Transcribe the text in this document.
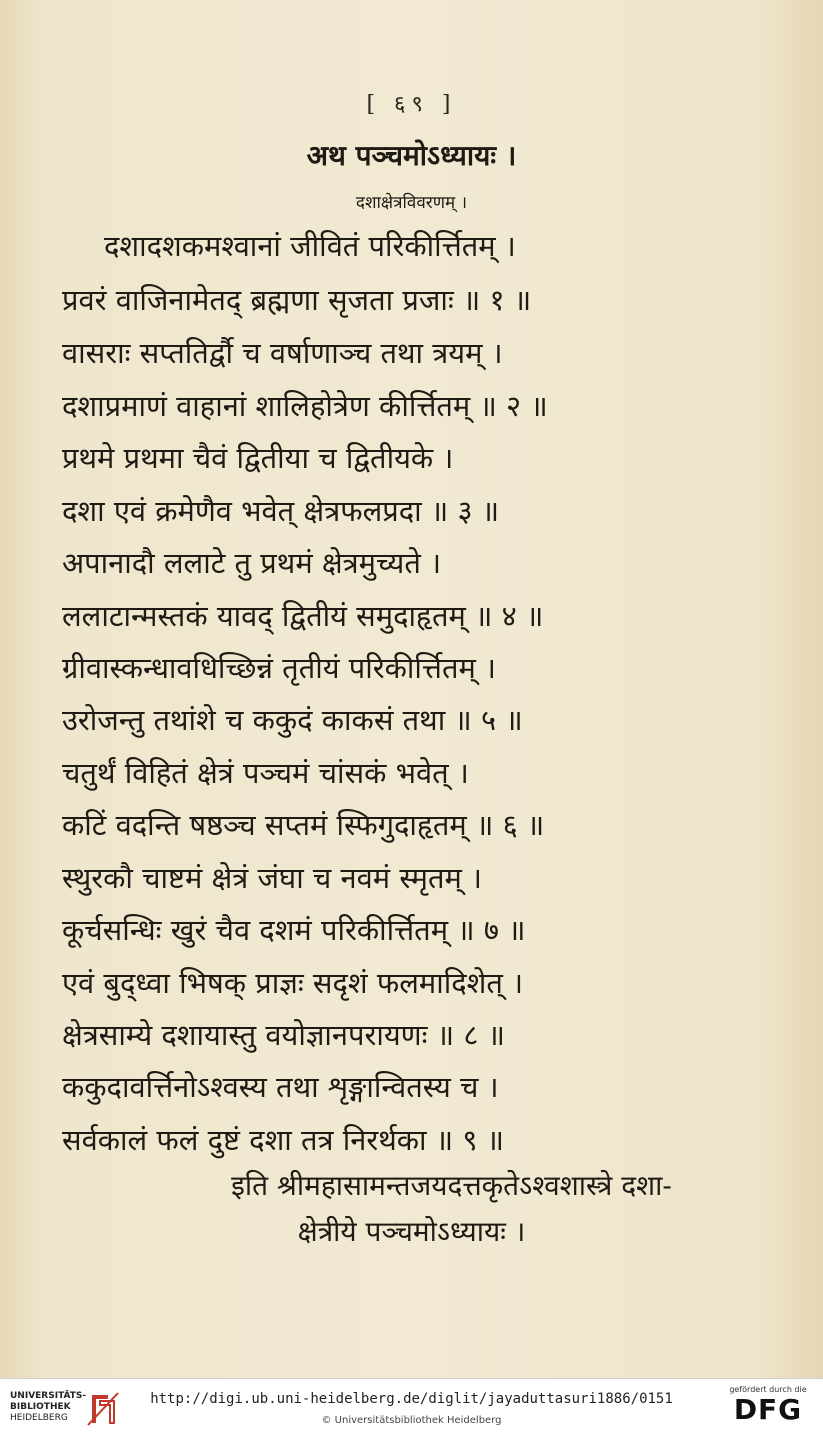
[ ६९ ]
अथ पञ्चमोऽध्यायः ।
दशाक्षेत्रविवरणम् ।
दशादशकमश्वानां जीवितं परिकीर्त्तितम् ।
प्रवरं वाजिनामेतद् ब्रह्मणा सृजता प्रजाः ॥ १ ॥
वासराः सप्ततिर्द्वौ च वर्षाणाञ्च तथा त्रयम् ।
दशाप्रमाणं वाहानां शालिहोत्रेण कीर्त्तितम् ॥ २ ॥
प्रथमे प्रथमा चैवं द्वितीया च द्वितीयके ।
दशा एवं क्रमेणैव भवेत् क्षेत्रफलप्रदा ॥ ३ ॥
अपानादौ ललाटे तु प्रथमं क्षेत्रमुच्यते ।
ललाटान्मस्तकं यावद् द्वितीयं समुदाहृतम् ॥ ४ ॥
ग्रीवास्कन्धावधिच्छिन्नं तृतीयं परिकीर्त्तितम् ।
उरोजन्तु तथांशे च ककुदं काकसं तथा ॥ ५ ॥
चतुर्थं विहितं क्षेत्रं पञ्चमं चांसकं भवेत् ।
कटिं वदन्ति षष्ठञ्च सप्तमं स्फिगुदाहृतम् ॥ ६ ॥
स्थुरकौ चाष्टमं क्षेत्रं जंघा च नवमं स्मृतम् ।
कूर्चसन्धिः खुरं चैव दशमं परिकीर्त्तितम् ॥ ७ ॥
एवं बुद्ध्वा भिषक् प्राज्ञः सदृशं फलमादिशेत् ।
क्षेत्रसाम्ये दशायास्तु वयोज्ञानपरायणः ॥ ८ ॥
ककुदावर्त्तिनोऽश्वस्य तथा शृङ्गान्वितस्य च ।
सर्वकालं फलं दुष्टं दशा तत्र निरर्थका ॥ ९ ॥
इति श्रीमहासामन्तजयदत्तकृतेऽश्वशास्त्रे दशा-
क्षेत्रीये पञ्चमोऽध्यायः ।
UNIVERSITÄTS-
BIBLIOTHEK
HEIDELBERG
http://digi.ub.uni-heidelberg.de/diglit/jayaduttasuri1886/0151
© Universitätsbibliothek Heidelberg
gefördert durch die
DFG
